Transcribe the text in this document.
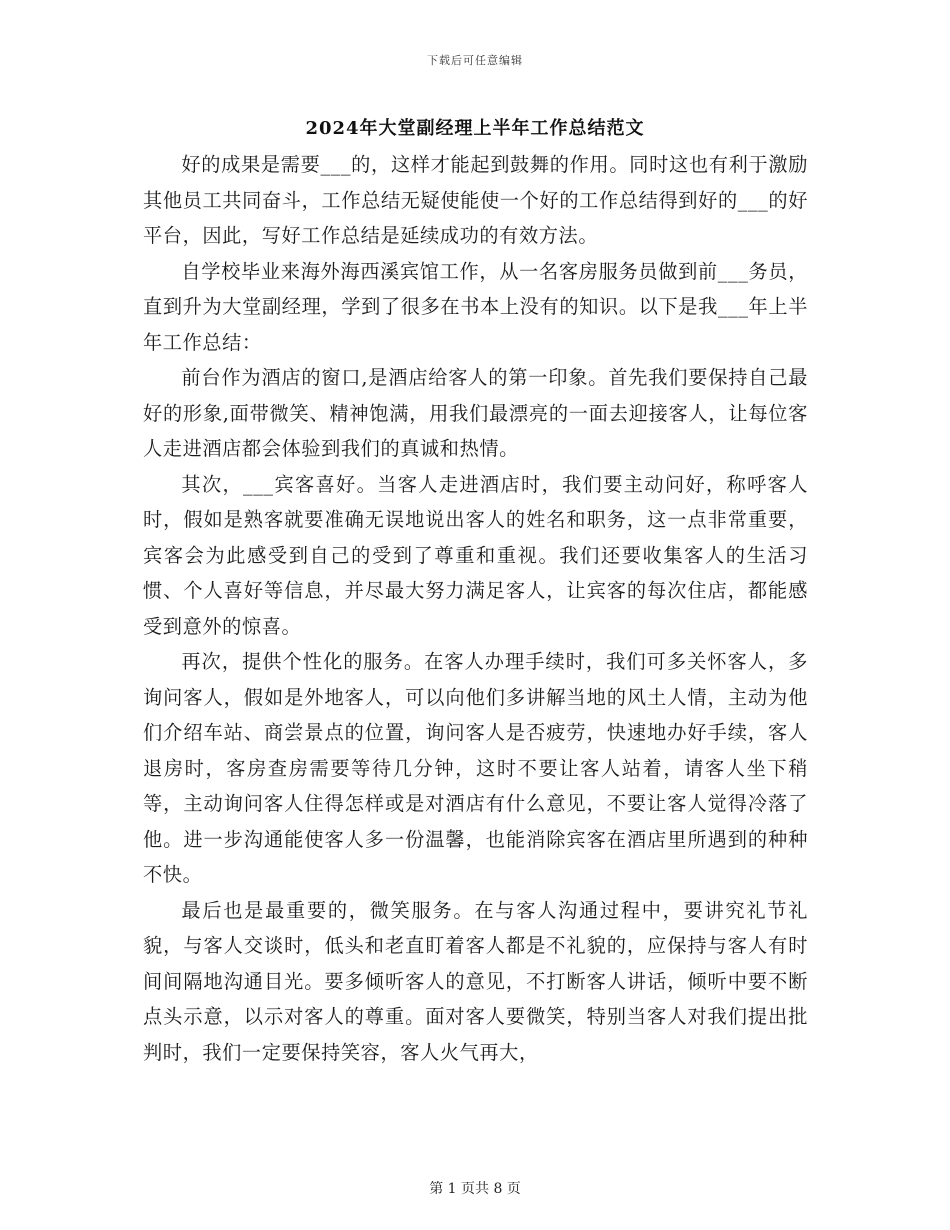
下载后可任意编辑
2024年大堂副经理上半年工作总结范文

好的成果是需要___的，这样才能起到鼓舞的作用。同时这也有利于激励其他员工共同奋斗，工作总结无疑使能使一个好的工作总结得到好的___的好平台，因此，写好工作总结是延续成功的有效方法。

自学校毕业来海外海西溪宾馆工作，从一名客房服务员做到前___务员，直到升为大堂副经理，学到了很多在书本上没有的知识。以下是我___年上半年工作总结：

前台作为酒店的窗口,是酒店给客人的第一印象。首先我们要保持自己最好的形象,面带微笑、精神饱满，用我们最漂亮的一面去迎接客人，让每位客人走进酒店都会体验到我们的真诚和热情。

其次，___宾客喜好。当客人走进酒店时，我们要主动问好，称呼客人时，假如是熟客就要准确无误地说出客人的姓名和职务，这一点非常重要，宾客会为此感受到自己的受到了尊重和重视。我们还要收集客人的生活习惯、个人喜好等信息，并尽最大努力满足客人，让宾客的每次住店，都能感受到意外的惊喜。

再次，提供个性化的服务。在客人办理手续时，我们可多关怀客人，多询问客人，假如是外地客人，可以向他们多讲解当地的风土人情，主动为他们介绍车站、商尝景点的位置，询问客人是否疲劳，快速地办好手续，客人退房时，客房查房需要等待几分钟，这时不要让客人站着，请客人坐下稍等，主动询问客人住得怎样或是对酒店有什么意见，不要让客人觉得冷落了他。进一步沟通能使客人多一份温馨，也能消除宾客在酒店里所遇到的种种不快。

最后也是最重要的，微笑服务。在与客人沟通过程中，要讲究礼节礼貌，与客人交谈时，低头和老直盯着客人都是不礼貌的，应保持与客人有时间间隔地沟通目光。要多倾听客人的意见，不打断客人讲话，倾听中要不断点头示意，以示对客人的尊重。面对客人要微笑，特别当客人对我们提出批判时，我们一定要保持笑容，客人火气再大，

第 1 页共 8 页
